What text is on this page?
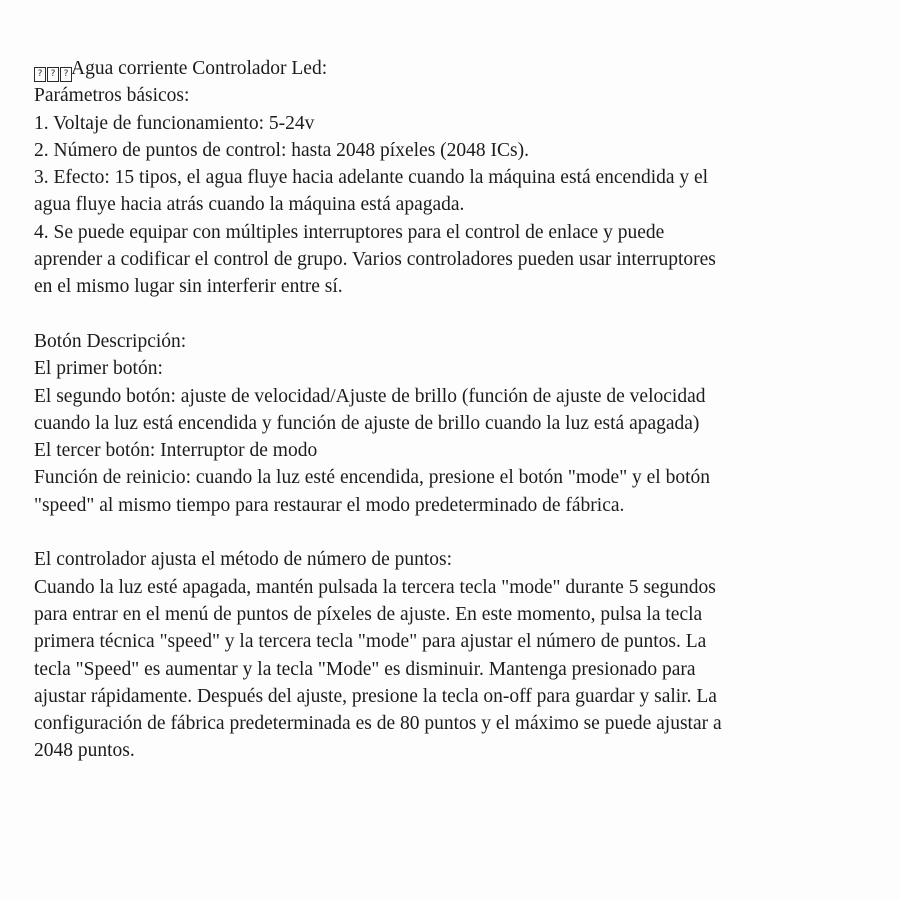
? ? ? Agua corriente Controlador Led:
Parámetros básicos:
1. Voltaje de funcionamiento: 5-24v
2. Número de puntos de control: hasta 2048 píxeles (2048 ICs).
3. Efecto: 15 tipos, el agua fluye hacia adelante cuando la máquina está encendida y el
agua fluye hacia atrás cuando la máquina está apagada.
4. Se puede equipar con múltiples interruptores para el control de enlace y puede
aprender a codificar el control de grupo. Varios controladores pueden usar interruptores
en el mismo lugar sin interferir entre sí.
Botón Descripción:
El primer botón:
El segundo botón: ajuste de velocidad/Ajuste de brillo (función de ajuste de velocidad
cuando la luz está encendida y función de ajuste de brillo cuando la luz está apagada)
El tercer botón: Interruptor de modo
Función de reinicio: cuando la luz esté encendida, presione el botón "mode" y el botón
"speed" al mismo tiempo para restaurar el modo predeterminado de fábrica.
El controlador ajusta el método de número de puntos:
Cuando la luz esté apagada, mantén pulsada la tercera tecla "mode" durante 5 segundos
para entrar en el menú de puntos de píxeles de ajuste. En este momento, pulsa la tecla
primera técnica "speed" y la tercera tecla "mode" para ajustar el número de puntos. La
tecla "Speed" es aumentar y la tecla "Mode" es disminuir. Mantenga presionado para
ajustar rápidamente. Después del ajuste, presione la tecla on-off para guardar y salir. La
configuración de fábrica predeterminada es de 80 puntos y el máximo se puede ajustar a
2048 puntos.
